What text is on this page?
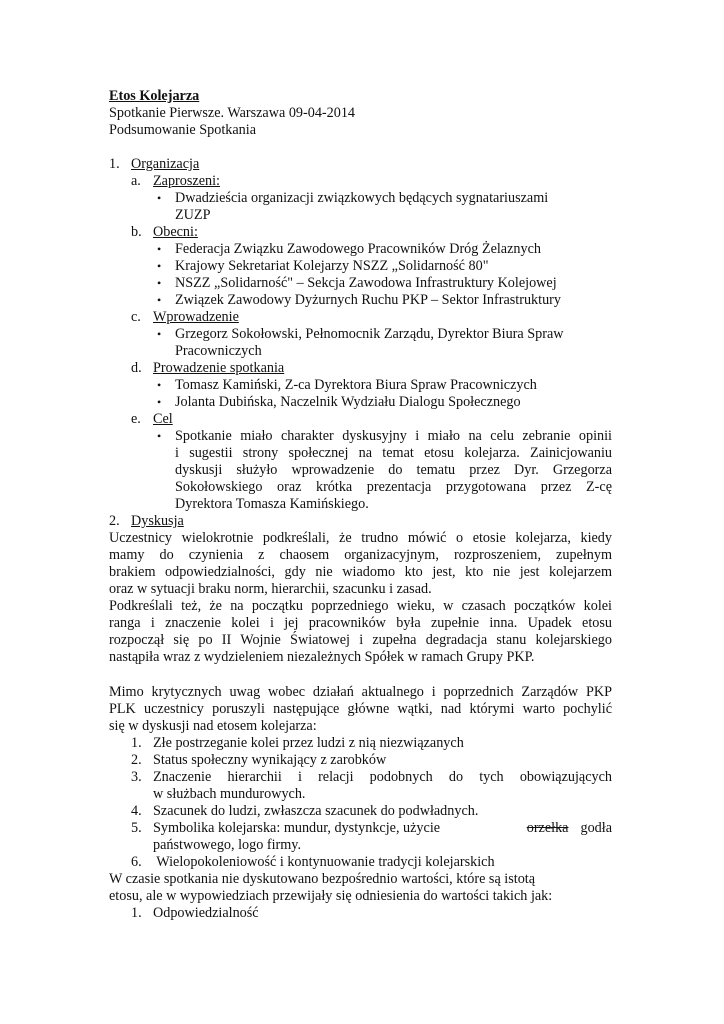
Etos Kolejarza
Spotkanie Pierwsze. Warszawa 09-04-2014
Podsumowanie Spotkania
1. Organizacja
a. Zaproszeni:
• Dwadzieścia organizacji związkowych będących sygnatariuszami
ZUZP
b. Obecni:
• Federacja Związku Zawodowego Pracowników Dróg Żelaznych
• Krajowy Sekretariat Kolejarzy NSZZ „Solidarność 80"
• NSZZ „Solidarność" – Sekcja Zawodowa Infrastruktury Kolejowej
• Związek Zawodowy Dyżurnych Ruchu PKP – Sektor Infrastruktury
c. Wprowadzenie
• Grzegorz Sokołowski, Pełnomocnik Zarządu, Dyrektor Biura Spraw
Pracowniczych
d. Prowadzenie spotkania
• Tomasz Kamiński, Z-ca Dyrektora Biura Spraw Pracowniczych
• Jolanta Dubińska, Naczelnik Wydziału Dialogu Społecznego
e. Cel
• Spotkanie miało charakter dyskusyjny i miało na celu zebranie opinii
i sugestii strony społecznej na temat etosu kolejarza. Zainicjowaniu
dyskusji służyło wprowadzenie do tematu przez Dyr. Grzegorza
Sokołowskiego oraz krótka prezentacja przygotowana przez Z-cę
Dyrektora Tomasza Kamińskiego.
2. Dyskusja
Uczestnicy wielokrotnie podkreślali, że trudno mówić o etosie kolejarza, kiedy
mamy do czynienia z chaosem organizacyjnym, rozproszeniem, zupełnym
brakiem odpowiedzialności, gdy nie wiadomo kto jest, kto nie jest kolejarzem
oraz w sytuacji braku norm, hierarchii, szacunku i zasad.
Podkreślali też, że na początku poprzedniego wieku, w czasach początków kolei
ranga i znaczenie kolei i jej pracowników była zupełnie inna. Upadek etosu
rozpoczął się po II Wojnie Światowej i zupełna degradacja stanu kolejarskiego
nastąpiła wraz z wydzieleniem niezależnych Spółek w ramach Grupy PKP.
Mimo krytycznych uwag wobec działań aktualnego i poprzednich Zarządów PKP
PLK uczestnicy poruszyli następujące główne wątki, nad którymi warto pochylić
się w dyskusji nad etosem kolejarza:
1. Złe postrzeganie kolei przez ludzi z nią niezwiązanych
2. Status społeczny wynikający z zarobków
3. Znaczenie hierarchii i relacji podobnych do tych obowiązujących
w służbach mundurowych.
4. Szacunek do ludzi, zwłaszcza szacunek do podwładnych.
5. Symbolika kolejarska: mundur, dystynkcje, użycie	orzełka godła
państwowego, logo firmy.
6. Wielopokoleniowość i kontynuowanie tradycji kolejarskich
W czasie spotkania nie dyskutowano bezpośrednio wartości, które są istotą
etosu, ale w wypowiedziach przewijały się odniesienia do wartości takich jak:
1. Odpowiedzialność
